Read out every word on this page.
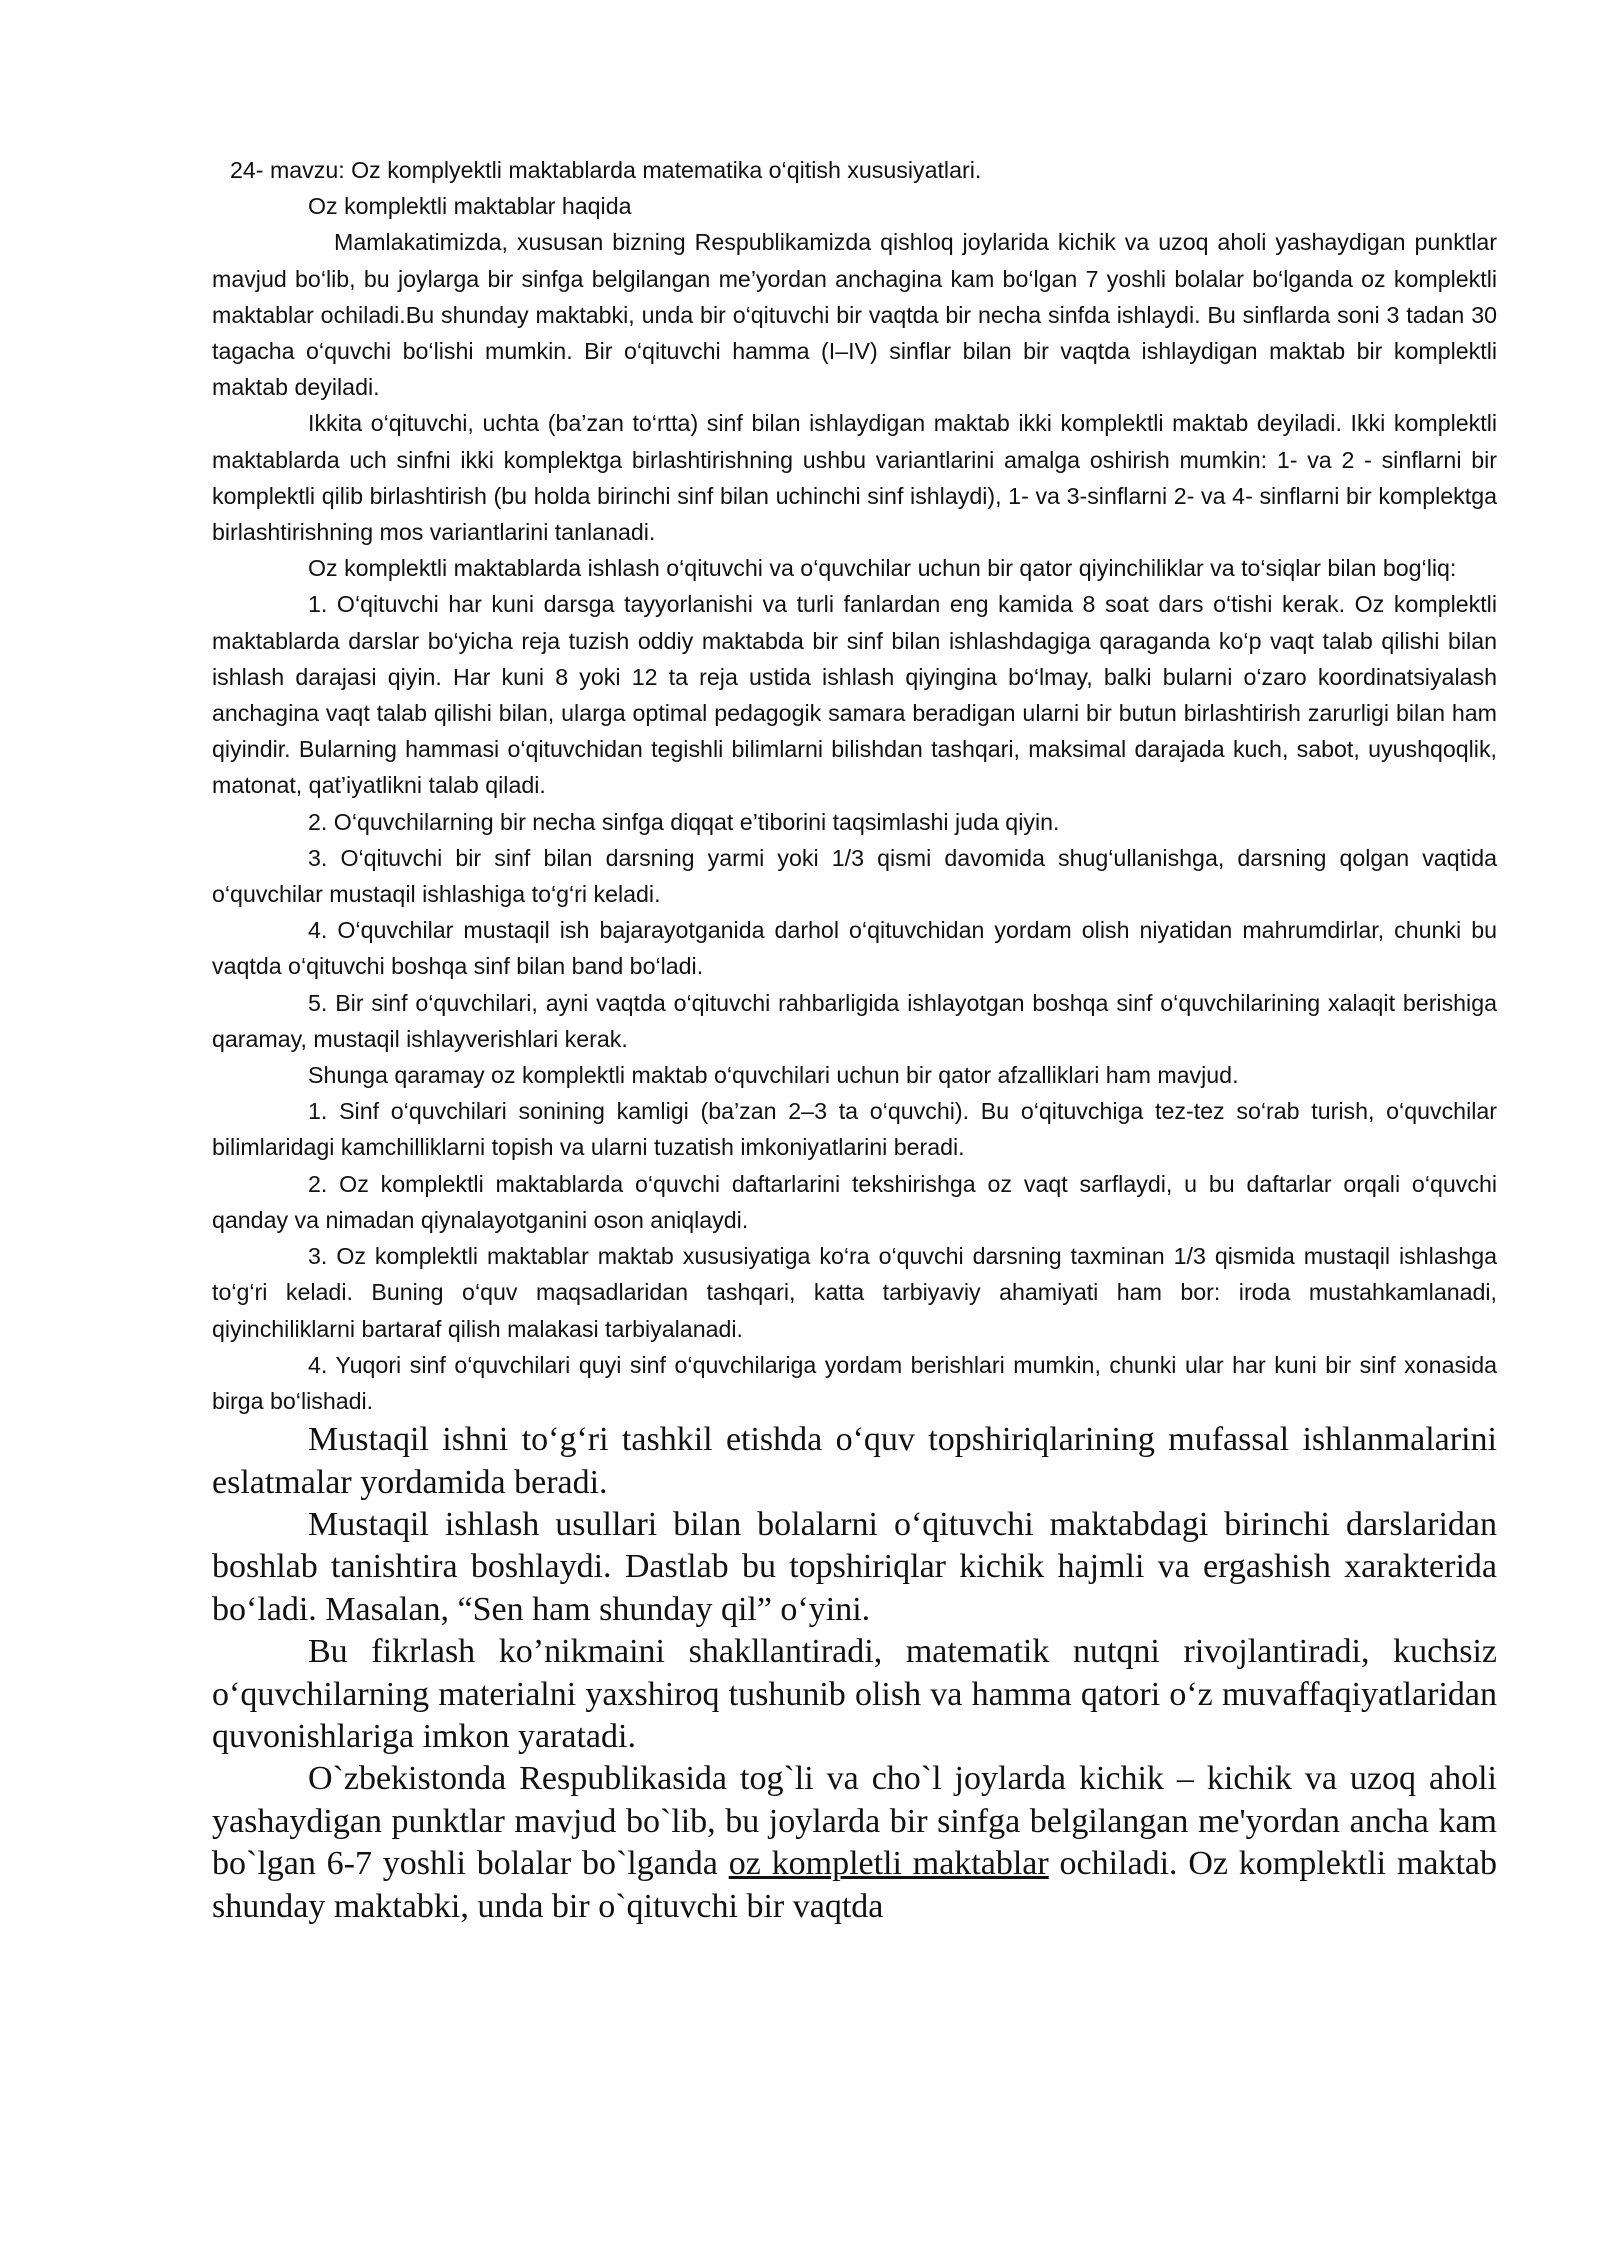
24- mavzu: Oz komplyektli maktablarda matematika o‘qitish xususiyatlari.

Oz komplektli maktablar haqida

Mamlakatimizda, xususan bizning Respublikamizda qishloq joylarida kichik va uzoq aholi yashaydigan punktlar mavjud bo‘lib, bu joylarga bir sinfga belgilangan me’yordan anchagina kam bo‘lgan 7 yoshli bolalar bo‘lganda oz komplektli maktablar ochiladi.Bu shunday maktabki, unda bir o‘qituvchi bir vaqtda bir necha sinfda ishlaydi. Bu sinflarda soni 3 tadan 30 tagacha o‘quvchi bo‘lishi mumkin. Bir o‘qituvchi hamma (I–IV) sinflar bilan bir vaqtda ishlaydigan maktab bir komplektli maktab deyiladi.

Ikkita o‘qituvchi, uchta (ba’zan to‘rtta) sinf bilan ishlaydigan maktab ikki komplektli maktab deyiladi. Ikki komplektli maktablarda uch sinfni ikki komplektga birlashtirishning ushbu variantlarini amalga oshirish mumkin: 1- va 2 - sinflarni bir komplektli qilib birlashtirish (bu holda birinchi sinf bilan uchinchi sinf ishlaydi), 1- va 3-sinflarni 2- va 4- sinflarni bir komplektga birlashtirishning mos variantlarini tanlanadi.

Oz komplektli maktablarda ishlash o‘qituvchi va o‘quvchilar uchun bir qator qiyinchiliklar va to‘siqlar bilan bog‘liq:

1. O‘qituvchi har kuni darsga tayyorlanishi va turli fanlardan eng kamida 8 soat dars o‘tishi kerak. Oz komplektli maktablarda darslar bo‘yicha reja tuzish oddiy maktabda bir sinf bilan ishlashdagiga qaraganda ko‘p vaqt talab qilishi bilan ishlash darajasi qiyin. Har kuni 8 yoki 12 ta reja ustida ishlash qiyingina bo‘lmay, balki bularni o‘zaro koordinatsiyalash anchagina vaqt talab qilishi bilan, ularga optimal pedagogik samara beradigan ularni bir butun birlashtirish zarurligi bilan ham qiyindir. Bularning hammasi o‘qituvchidan tegishli bilimlarni bilishdan tashqari, maksimal darajada kuch, sabot, uyushqoqlik, matonat, qat’iyatlikni talab qiladi.

2. O‘quvchilarning bir necha sinfga diqqat e’tiborini taqsimlashi juda qiyin.

3. O‘qituvchi bir sinf bilan darsning yarmi yoki 1/3 qismi davomida shug‘ullanishga, darsning qolgan vaqtida o‘quvchilar mustaqil ishlashiga to‘g‘ri keladi.

4. O‘quvchilar mustaqil ish bajarayotganida darhol o‘qituvchidan yordam olish niyatidan mahrumdirlar, chunki bu vaqtda o‘qituvchi boshqa sinf bilan band bo‘ladi.

5. Bir sinf o‘quvchilari, ayni vaqtda o‘qituvchi rahbarligida ishlayotgan boshqa sinf o‘quvchilarining xalaqit berishiga qaramay, mustaqil ishlayverishlari kerak.

Shunga qaramay oz komplektli maktab o‘quvchilari uchun bir qator afzalliklari ham mavjud.

1. Sinf o‘quvchilari sonining kamligi (ba’zan 2–3 ta o‘quvchi). Bu o‘qituvchiga tez-tez so‘rab turish, o‘quvchilar bilimlaridagi kamchilliklarni topish va ularni tuzatish imkoniyatlarini beradi.

2. Oz komplektli maktablarda o‘quvchi daftarlarini tekshirishga oz vaqt sarflaydi, u bu daftarlar orqali o‘quvchi qanday va nimadan qiynalayotganini oson aniqlaydi.

3. Oz komplektli maktablar maktab xususiyatiga ko‘ra o‘quvchi darsning taxminan 1/3 qismida mustaqil ishlashga to‘g‘ri keladi. Buning o‘quv maqsadlaridan tashqari, katta tarbiyaviy ahamiyati ham bor: iroda mustahkamlanadi, qiyinchiliklarni bartaraf qilish malakasi tarbiyalanadi.

4. Yuqori sinf o‘quvchilari quyi sinf o‘quvchilariga yordam berishlari mumkin, chunki ular har kuni bir sinf xonasida birga bo‘lishadi.

Mustaqil ishni to‘g‘ri tashkil etishda o‘quv topshiriqlarining mufassal ishlanmalarini eslatmalar yordamida beradi.

Mustaqil ishlash usullari bilan bolalarni o‘qituvchi maktabdagi birinchi darslaridan boshlab tanishtira boshlaydi. Dastlab bu topshiriqlar kichik hajmli va ergashish xarakterida bo‘ladi. Masalan, “Sen ham shunday qil” o‘yini.

Bu fikrlash ko’nikmaini shakllantiradi, matematik nutqni rivojlantiradi, kuchsiz o‘quvchilarning materialni yaxshiroq tushunib olish va hamma qatori o‘z muvaffaqiyatlaridan quvonishlariga imkon yaratadi.

O`zbekistonda Respublikasida tog`li va cho`l joylarda kichik – kichik va uzoq aholi yashaydigan punktlar mavjud bo`lib, bu joylarda bir sinfga belgilangan me'yordan ancha kam bo`lgan 6-7 yoshli bolalar bo`lganda oz kompletli maktablar ochiladi. Oz komplektli maktab shunday maktabki, unda bir o`qituvchi bir vaqtda
